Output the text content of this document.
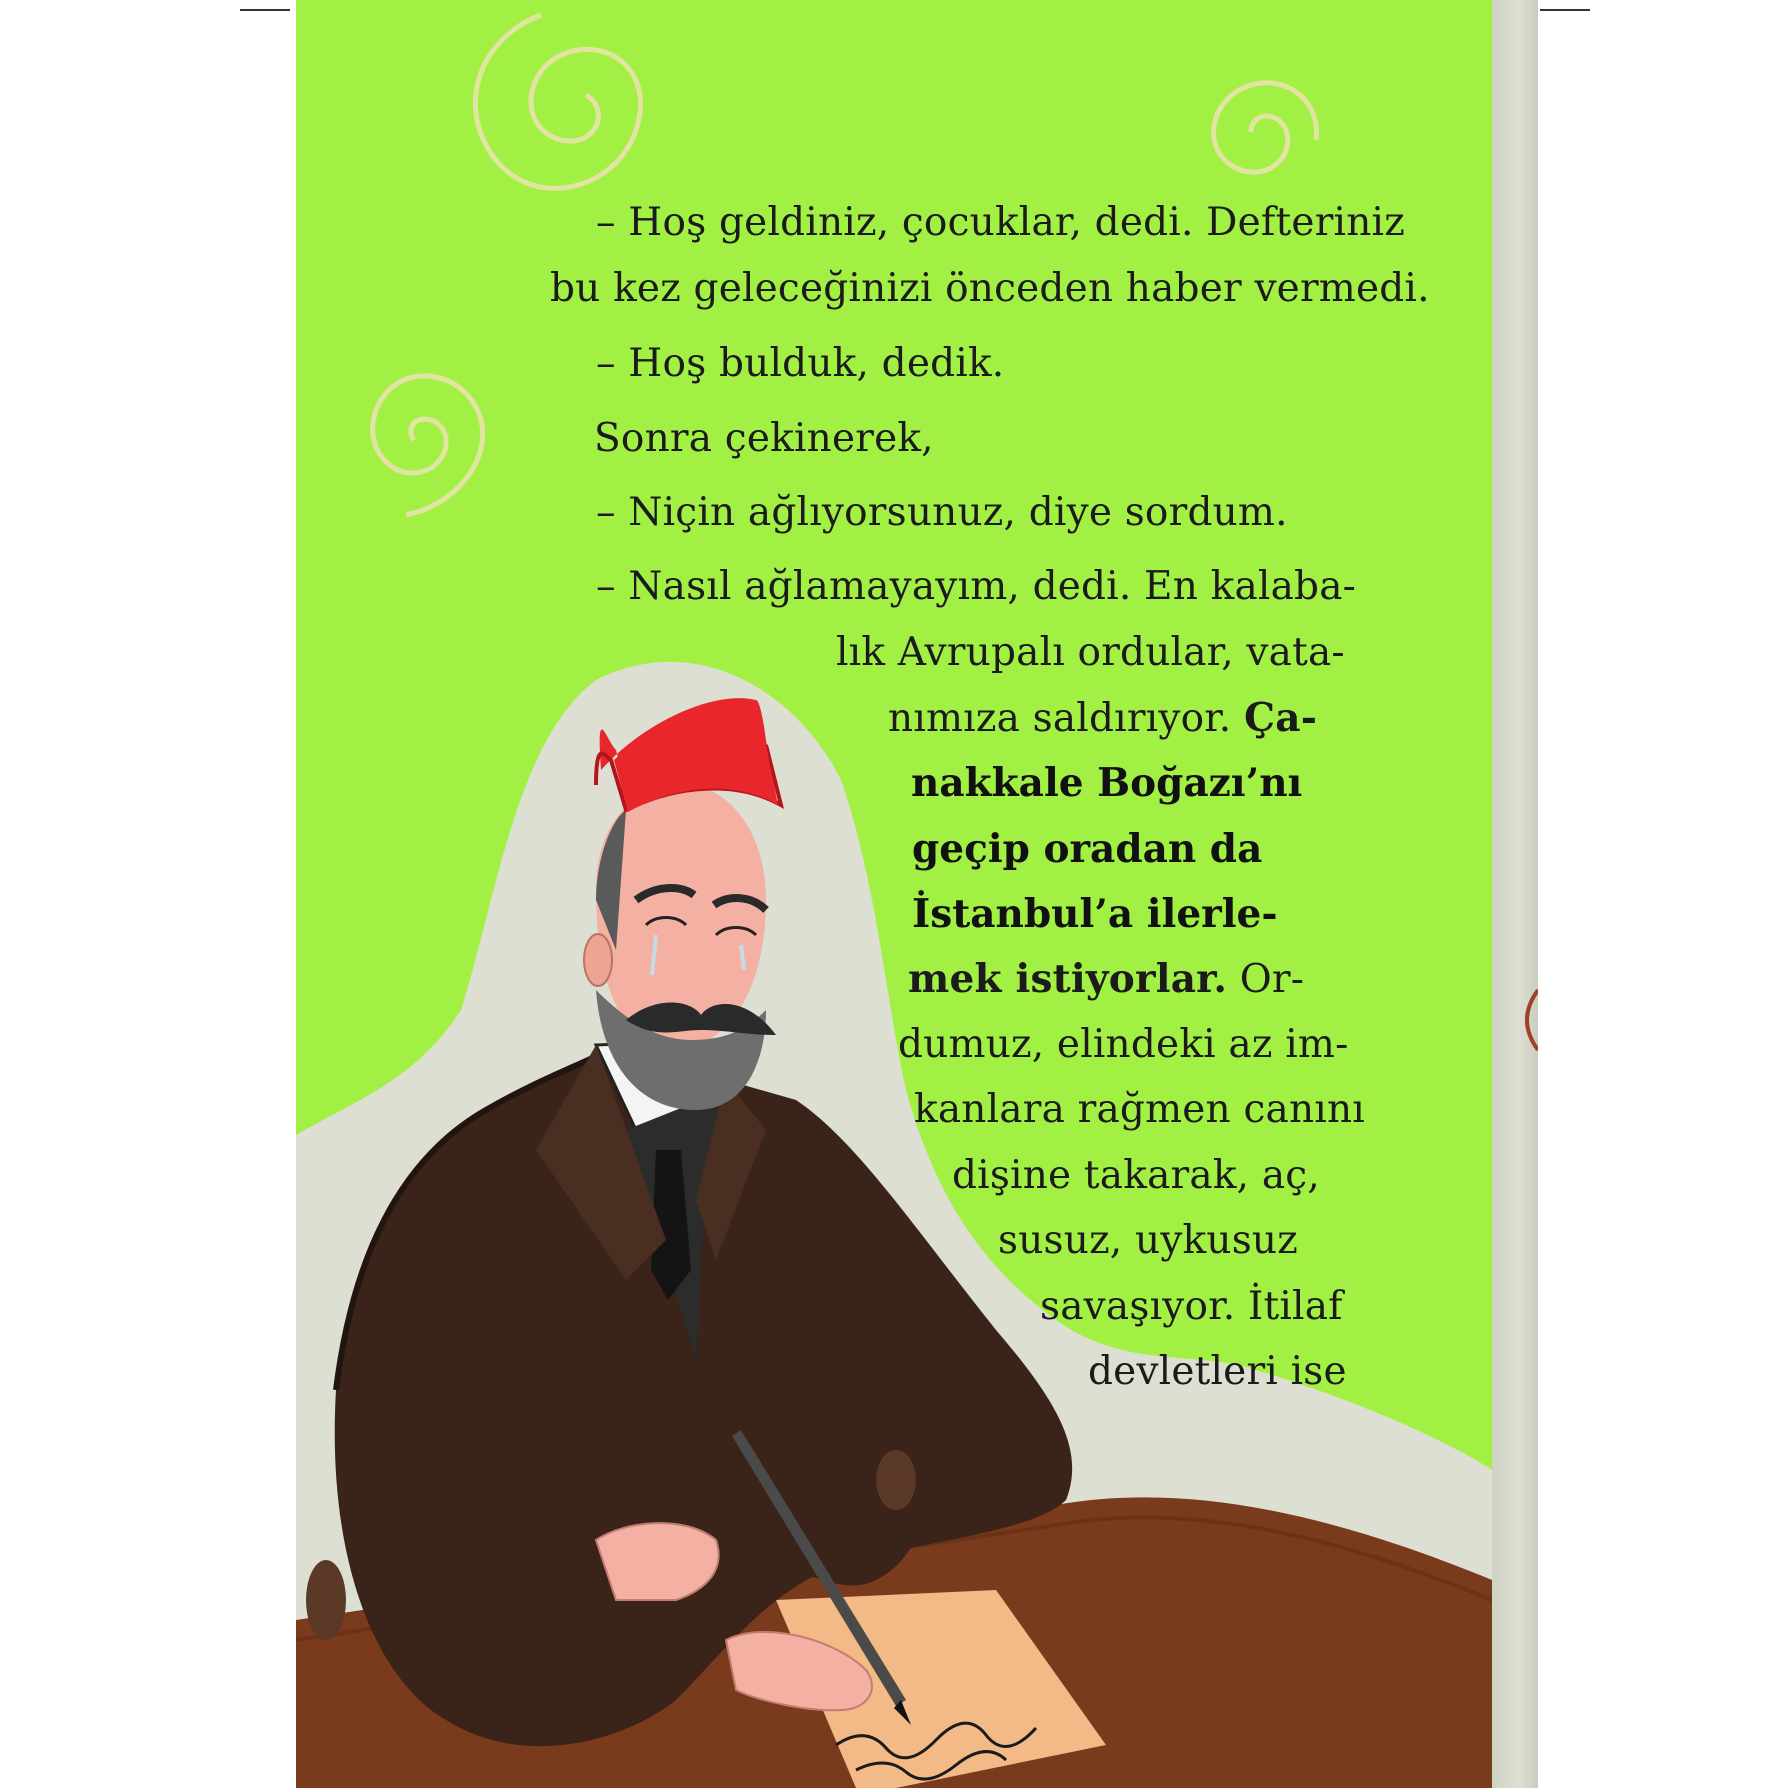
– Hoş geldiniz, çocuklar, dedi. Defteriniz
bu kez geleceğinizi önceden haber vermedi.
– Hoş bulduk, dedik.
Sonra çekinerek,
– Niçin ağlıyorsunuz, diye sordum.
– Nasıl ağlamayayım, dedi. En kalaba-
lık Avrupalı ordular, vata-
nımıza saldırıyor. Ça-
nakkale Boğazı’nı
geçip oradan da
İstanbul’a ilerle-
mek istiyorlar. Or-
dumuz, elindeki az im-
kanlara rağmen canını
dişine takarak, aç,
susuz, uykusuz
savaşıyor. İtilaf
devletleri ise
